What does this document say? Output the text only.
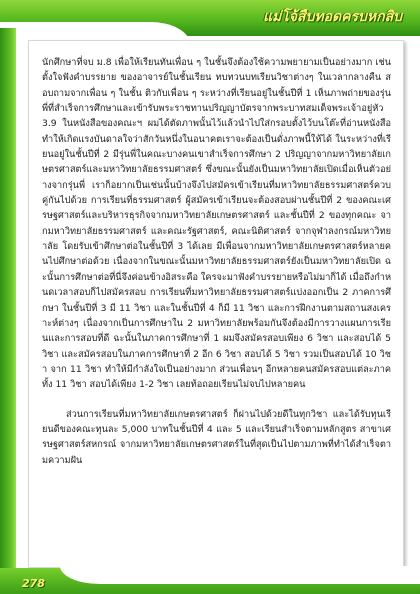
แม่โจ้สืบทอดครบหกสิบ

นักศึกษาที่จบ ม.8 เพื่อให้เรียนทันเพื่อน ๆ ในชั้นจึงต้องใช้ความพยายามเป็นอย่างมาก เช่น ตั้งใจฟังคำบรรยาย ของอาจารย์ในชั้นเรียน ทบทวนบทเรียนวิชาต่างๆ ในเวลากลางคืน สอบถามจากเพื่อน ๆ ในชั้น ติวกับเพื่อน ๆ ระหว่างที่เรียนอยู่ในชั้นปีที่ 1 เห็นภาพถ่ายของรุ่นพี่ที่สำเร็จการศึกษาและเข้ารับพระราชทานปริญญาบัตรจากพระบาทสมเด็จพระเจ้าอยู่หัว 3.9 ในหนังสือของคณะฯ ผมได้ตัดภาพนั้นไว้แล้วนำไปใส่กรอบตั้งไว้บนโต๊ะที่อ่านหนังสือทำให้เกิดแรงบันดาลใจว่าสักวันหนึ่งในอนาคตเราจะต้องเป็นดั่งภาพนี้ให้ได้ ในระหว่างที่เรียนอยู่ในชั้นปีที่ 2 มีรุ่นพี่ในคณะบางคนเขาสำเร็จการศึกษา 2 ปริญญาจากมหาวิทยาลัยเกษตรศาสตร์และมหาวิทยาลัยธรรมศาสตร์ ซึ่งขณะนั้นยังเป็นมหาวิทยาลัยเปิดเมื่อเห็นตัวอย่างจากรุ่นพี่ เราก็อยากเป็นเช่นนั้นบ้างจึงไปสมัครเข้าเรียนที่มหาวิทยาลัยธรรมศาสตร์ควบคู่กันไปด้วย การเรียนที่ธรรมศาสตร์ ผู้สมัครเข้าเรียนจะต้องสอบผ่านชั้นปีที่ 2 ของคณะเศรษฐศาสตร์และบริหารธุรกิจจากมหาวิทยาลัยเกษตรศาสตร์ และชั้นปีที่ 2 ของทุกคณะ จากมหาวิทยาลัยธรรมศาสตร์ และคณะรัฐศาสตร์, คณะนิติศาสตร์ จากจุฬาลงกรณ์มหาวิทยาลัย โดยรับเข้าศึกษาต่อในชั้นปีที่ 3 ได้เลย มีเพื่อนจากมหาวิทยาลัยเกษตรศาสตร์หลายคนไปศึกษาต่อด้วย เนื่องจากในขณะนั้นมหาวิทยาลัยธรรมศาสตร์ยังเป็นมหาวิทยาลัยเปิด ฉะนั้นการศึกษาต่อที่นี่จึงค่อนข้างอิสระคือ ใครจะมาฟังคำบรรยายหรือไม่มาก็ได้ เมื่อถึงกำหนดเวลาสอบก็ไปสมัครสอบ การเรียนที่มหาวิทยาลัยธรรมศาสตร์แบ่งออกเป็น 2 ภาคการศึกษา ในชั้นปีที่ 3 มี 11 วิชา และในชั้นปีที่ 4 ก็มี 11 วิชา และการฝึกงานตามสถานสงเคราะห์ต่างๆ เนื่องจากเป็นการศึกษาใน 2 มหาวิทยาลัยพร้อมกันจึงต้องมีการวางแผนการเรียนและการสอบที่ดี ฉะนั้นในภาคการศึกษาที่ 1 ผมจึงสมัครสอบเพียง 6 วิชา และสอบได้ 5 วิชา และสมัครสอบในภาคการศึกษาที่ 2 อีก 6 วิชา สอบได้ 5 วิชา รวมเป็นสอบได้ 10 วิชา จาก 11 วิชา ทำให้มีกำลังใจเป็นอย่างมาก ส่วนเพื่อนๆ อีกหลายคนสมัครสอบแต่ละภาคทั้ง 11 วิชา สอบได้เพียง 1-2 วิชา เลยท้อถอยเรียนไม่จบไปหลายคน

ส่วนการเรียนที่มหาวิทยาลัยเกษตรศาสตร์ ก็ผ่านไปด้วยดีในทุกวิชา และได้รับทุนเรียนดีของคณะทุนละ 5,000 บาทในชั้นปีที่ 4 และ 5 และเรียนสำเร็จตามหลักสูตร สาขาเศรษฐศาสตร์สหกรณ์ จากมหาวิทยาลัยเกษตรศาสตร์ในที่สุดเป็นไปตามภาพที่ทำได้สำเร็จตามความฝัน

278
